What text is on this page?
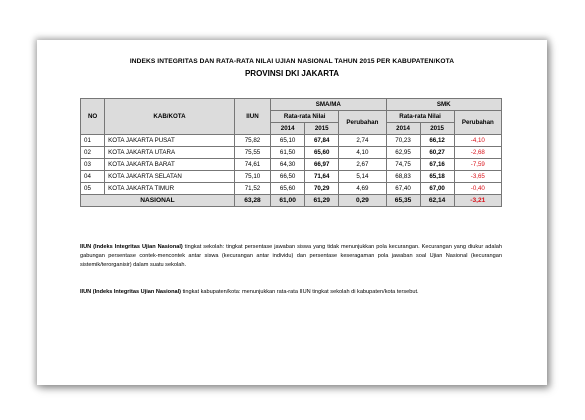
INDEKS INTEGRITAS DAN RATA-RATA NILAI UJIAN NASIONAL TAHUN 2015 PER KABUPATEN/KOTA
PROVINSI DKI JAKARTA
NO	KAB/KOTA	IIUN	SMA/MA			SMK		
			Rata-rata Nilai		Perubahan	Rata-rata Nilai		Perubahan
			2014	2015		2014	2015	
01	KOTA JAKARTA PUSAT	75,82	65,10	67,84	2,74	70,23	66,12	-4,10
02	KOTA JAKARTA UTARA	75,55	61,50	65,60	4,10	62,95	60,27	-2,68
03	KOTA JAKARTA BARAT	74,61	64,30	66,97	2,67	74,75	67,16	-7,59
04	KOTA JAKARTA SELATAN	75,10	66,50	71,64	5,14	68,83	65,18	-3,65
05	KOTA JAKARTA TIMUR	71,52	65,60	70,29	4,69	67,40	67,00	-0,40
NASIONAL		63,28	61,00	61,29	0,29	65,35	62,14	-3,21
IIUN (Indeks Integritas Ujian Nasional) tingkat sekolah: tingkat persentase jawaban siswa yang tidak menunjukkan pola kecurangan. Kecurangan yang diukur adalah gabungan persentase contek-mencontek antar siswa (kecurangan antar individu) dan persentase keseragaman pola jawaban soal Ujian Nasional (kecurangan sistemik/terorganisir) dalam suatu sekolah.
IIUN (Indeks Integritas Ujian Nasional) tingkat kabupaten/kota: menunjukkan rata-rata IIUN tingkat sekolah di kabupaten/kota tersebut.
